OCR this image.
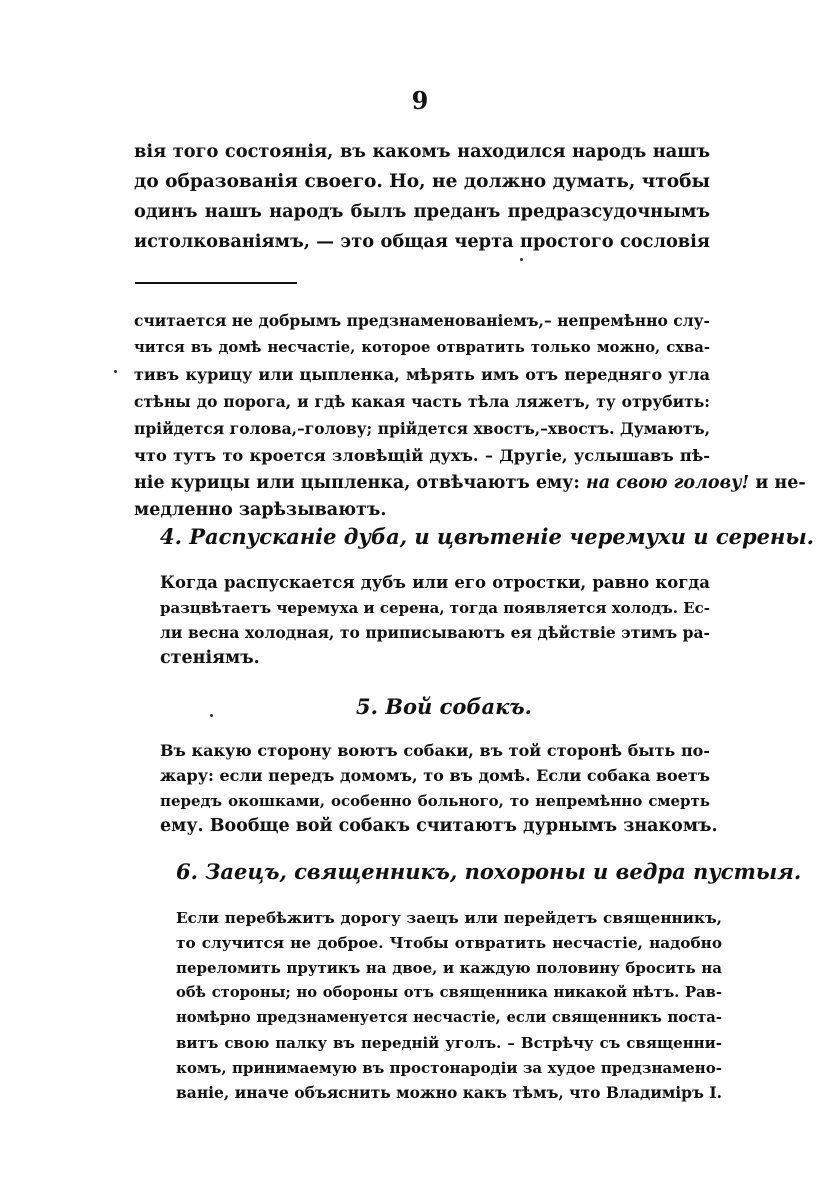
9
вія того состоянія, въ какомъ находился народъ нашъ
до образованія своего. Но, не должно думать, чтобы
одинъ нашъ народъ былъ преданъ предразсудочнымъ
истолкованіямъ, — это общая черта простого сословія
считается не добрымъ предзнаменованіемъ,– непремѣнно слу-
чится въ домѣ несчастіе, которое отвратить только можно, схва-
тивъ курицу или цыпленка, мѣрять имъ отъ передняго угла
стѣны до порога, и гдѣ какая часть тѣла ляжетъ, ту отрубить:
прійдется голова,–голову; прійдется хвостъ,–хвостъ. Думаютъ,
что тутъ то кроется зловѣщій духъ. – Другіе, услышавъ пѣ-
ніе курицы или цыпленка, отвѣчаютъ ему: на свою голову! и не-
медленно зарѣзываютъ.
4. Распусканіе дуба, и цвѣтеніе черемухи и серены.
Когда распускается дубъ или его отростки, равно когда
разцвѣтаетъ черемуха и серена, тогда появляется холодъ. Ес-
ли весна холодная, то приписываютъ ея дѣйствіе этимъ ра-
стеніямъ.
5. Вой собакъ.
Въ какую сторону воютъ собаки, въ той сторонѣ быть по-
жару: если передъ домомъ, то въ домѣ. Если собака воетъ
передъ окошками, особенно больного, то непремѣнно смерть
ему. Вообще вой собакъ считаютъ дурнымъ знакомъ.
6. Заецъ, священникъ, похороны и ведра пустыя.
Если перебѣжитъ дорогу заецъ или перейдетъ священникъ,
то случится не доброе. Чтобы отвратить несчастіе, надобно
переломить прутикъ на двое, и каждую половину бросить на
обѣ стороны; но обороны отъ священника никакой нѣтъ. Рав-
номѣрно предзнаменуется несчастіе, если священникъ поста-
витъ свою палку въ передній уголъ. – Встрѣчу съ священни-
комъ, принимаемую въ простонародіи за худое предзнамено-
ваніе, иначе объяснить можно какъ тѣмъ, что Владиміръ I.
